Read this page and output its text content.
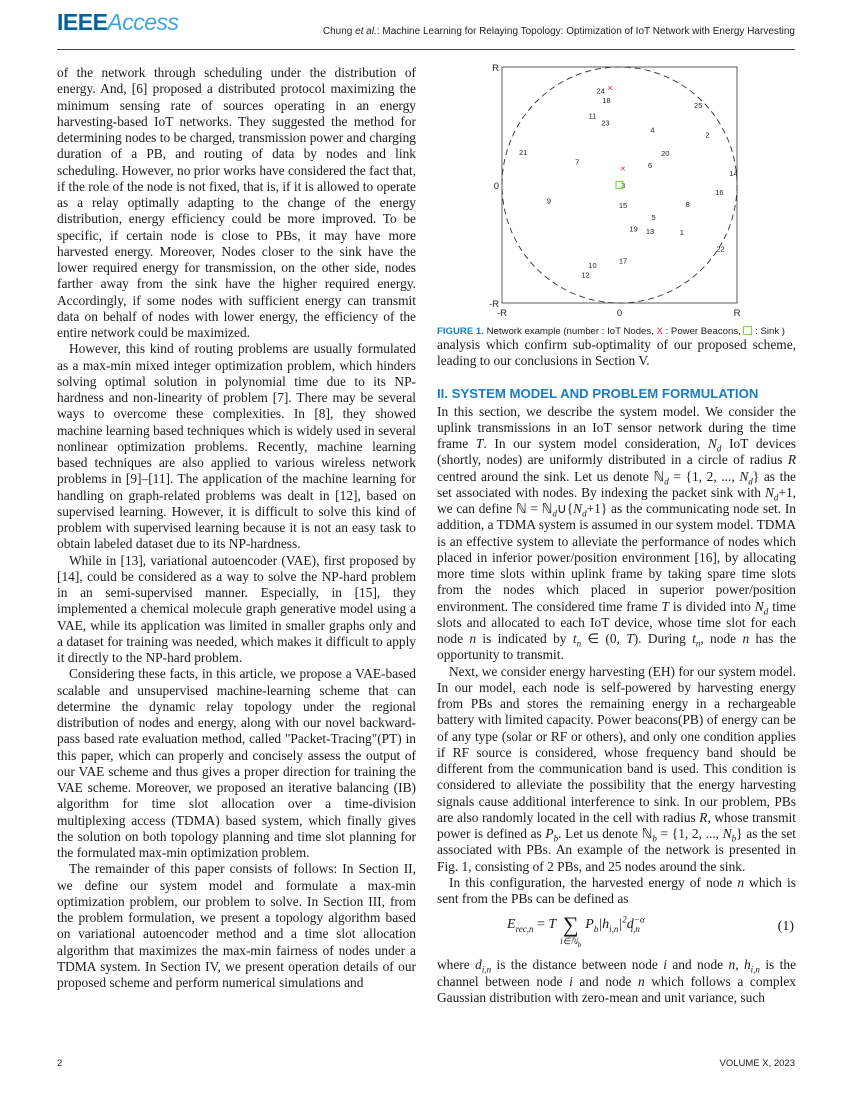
IEEEAccess	Chung et al.: Machine Learning for Relaying Topology: Optimization of IoT Network with Energy Harvesting

of the network through scheduling under the distribution of energy. And, [6] proposed a distributed protocol maximizing the minimum sensing rate of sources operating in an energy harvesting-based IoT networks. They suggested the method for determining nodes to be charged, transmission power and charging duration of a PB, and routing of data by nodes and link scheduling. However, no prior works have considered the fact that, if the role of the node is not fixed, that is, if it is allowed to operate as a relay optimally adapting to the change of the energy distribution, energy efficiency could be more improved. To be specific, if certain node is close to PBs, it may have more harvested energy. Moreover, Nodes closer to the sink have the lower required energy for transmission, on the other side, nodes farther away from the sink have the higher required energy. Accordingly, if some nodes with sufficient energy can transmit data on behalf of nodes with lower energy, the efficiency of the entire network could be maximized.

However, this kind of routing problems are usually formulated as a max-min mixed integer optimization problem, which hinders solving optimal solution in polynomial time due to its NP-hardness and non-linearity of problem [7]. There may be several ways to overcome these complexities. In [8], they showed machine learning based techniques which is widely used in several nonlinear optimization problems. Recently, machine learning based techniques are also applied to various wireless network problems in [9]–[11]. The application of the machine learning for handling on graph-related problems was dealt in [12], based on supervised learning. However, it is difficult to solve this kind of problem with supervised learning because it is not an easy task to obtain labeled dataset due to its NP-hardness.

While in [13], variational autoencoder (VAE), first proposed by [14], could be considered as a way to solve the NP-hard problem in an semi-supervised manner. Especially, in [15], they implemented a chemical molecule graph generative model using a VAE, while its application was limited in smaller graphs only and a dataset for training was needed, which makes it difficult to apply it directly to the NP-hard problem.

Considering these facts, in this article, we propose a VAE-based scalable and unsupervised machine-learning scheme that can determine the dynamic relay topology under the regional distribution of nodes and energy, along with our novel backward-pass based rate evaluation method, called "Packet-Tracing"(PT) in this paper, which can properly and concisely assess the output of our VAE scheme and thus gives a proper direction for training the VAE scheme. Moreover, we proposed an iterative balancing (IB) algorithm for time slot allocation over a time-division multiplexing access (TDMA) based system, which finally gives the solution on both topology planning and time slot planning for the formulated max-min optimization problem.

The remainder of this paper consists of follows: In Section II, we define our system model and formulate a max-min optimization problem, our problem to solve. In Section III, from the problem formulation, we present a topology algorithm based on variational autoencoder method and a time slot allocation algorithm that maximizes the max-min fairness of nodes under a TDMA system. In Section IV, we present operation details of our proposed scheme and perform numerical simulations and

-R
-R
0
0
R
R
1
2
3
4
5
6
7
8
9
10
11
12
13
14
15
16
17
18
19
20
21
22
23
24
25
×
×
FIGURE 1. Network example (number : IoT Nodes, X : Power Beacons,  : Sink )

analysis which confirm sub-optimality of our proposed scheme, leading to our conclusions in Section V.

II. SYSTEM MODEL AND PROBLEM FORMULATION

In this section, we describe the system model. We consider the uplink transmissions in an IoT sensor network during the time frame T. In our system model consideration, $N_d$ IoT devices (shortly, nodes) are uniformly distributed in a circle of radius R centred around the sink. Let us denote ℕ$_d$ = {1, 2, ..., $N_d$} as the set associated with nodes. By indexing the packet sink with $N_d+1$, we can define ℕ = $ℕ_d\cup\{N_d+1\}$ as the communicating node set. In addition, a TDMA system is assumed in our system model. TDMA is an effective system to alleviate the performance of nodes which placed in inferior power/position environment [16], by allocating more time slots within uplink frame by taking spare time slots from the nodes which placed in superior power/position environment. The considered time frame T is divided into $N_d$ time slots and allocated to each IoT device, whose time slot for each node n is indicated by $t_n$ ∈ (0, T). During $t_n$, node n has the opportunity to transmit.

Next, we consider energy harvesting (EH) for our system model. In our model, each node is self-powered by harvesting energy from PBs and stores the remaining energy in a rechargeable battery with limited capacity. Power beacons(PB) of energy can be of any type (solar or RF or others), and only one condition applies if RF source is considered, whose frequency band should be different from the communication band is used. This condition is considered to alleviate the possibility that the energy harvesting signals cause additional interference to sink. In our problem, PBs are also randomly located in the cell with radius R, whose transmit power is defined as $P_b$. Let us denote ℕ$_b$ = {1, 2, ..., $N_b$} as the set associated with PBs. An example of the network is presented in Fig. 1, consisting of 2 PBs, and 25 nodes around the sink.

In this configuration, the harvested energy of node n which is sent from the PBs can be defined as

$E_{rec,n} = T$ ∑
i∈ℕ$_b$
$P_b|h_{i,n}|^2d^{-\alpha}_{i,n}$	(1)

where $d_{i,n}$ is the distance between node i and node n, $h_{i,n}$ is the channel between node i and node n which follows a complex Gaussian distribution with zero-mean and unit variance, such

2	VOLUME X, 2023
